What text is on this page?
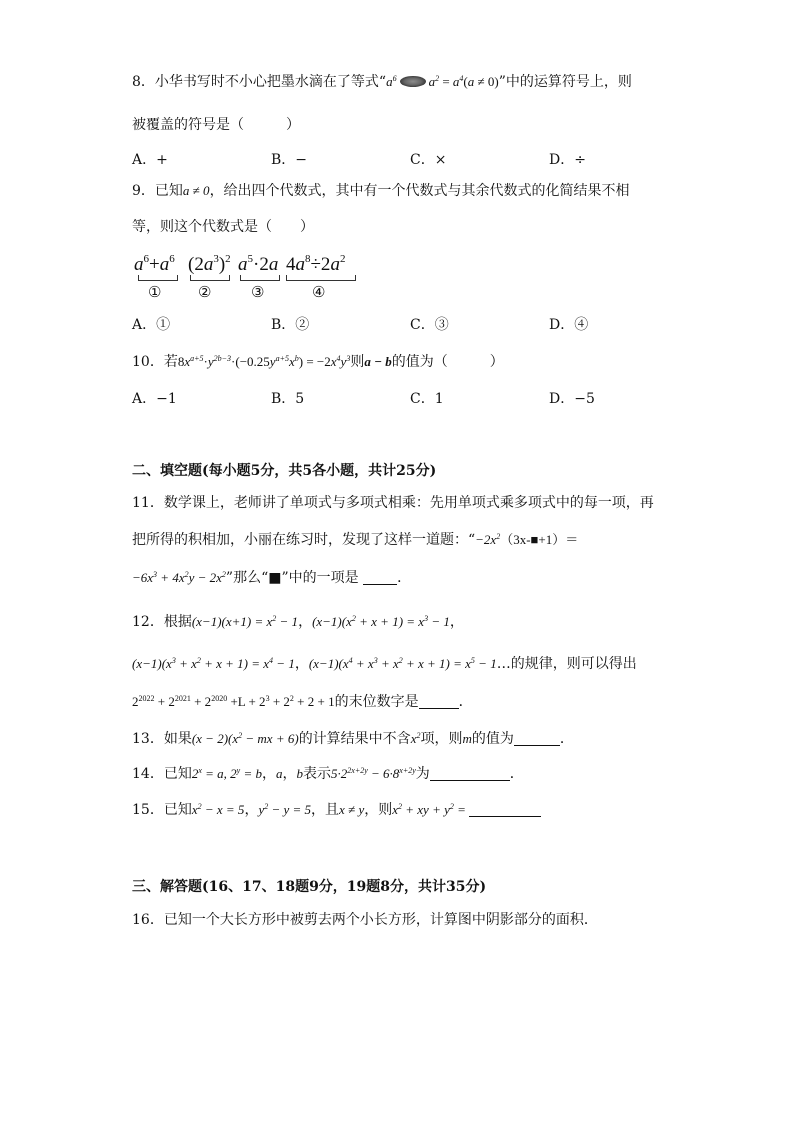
8．小华书写时不小心把墨水滴在了等式“$a^6$ $a^2 = a^4(a \ne 0)$”中的运算符号上，则
被覆盖的符号是（　　　）
A．+	B．−	C．×	D．÷
9．已知a ≠ 0，给出四个代数式，其中有一个代数式与其余代数式的化简结果不相
等，则这个代数式是（　　）
$a^6+a^6$
①
$(2a^3)^2$
②
$a^5\cdot 2a$
③
$4a^8\div 2a^2$
④
A．①	B．②	C．③	D．④
10．若$8x^{a+5}\cdot y^{2b-3}\cdot(-0.25y^{a+5}x^b) = -2x^4y^3$则a − b的值为（　　　）
A．−1	B．5	C．1	D．−5
二、填空题(每小题5分，共5各小题，共计25分)
11．数学课上，老师讲了单项式与多项式相乘：先用单项式乘多项式中的每一项，再
把所得的积相加，小丽在练习时，发现了这样一道题：“$-2x^2(3x-■+1)=$
$-6x^3 + 4x^2y - 2x^2$”那么“■”中的一项是	．
12．根据$(x-1)(x+1) = x^2 - 1$，$(x-1)(x^2 + x + 1) = x^3 - 1$，
$(x-1)(x^3 + x^2 + x + 1) = x^4 - 1$，$(x-1)(x^4 + x^3 + x^2 + x + 1) = x^5$ − 1…的规律，则可以得出
$2^{2022} + 2^{2021} + 2^{2020} +L + 2^3 + 2^2 + 2 + 1$的末位数字是	．
13．如果$(x - 2)(x^2$ − mx + 6)的计算结果中不含$x^2$项，则m的值为	．
14．已知$2^x = a$, $2^y = b$，a，b表示$5\cdot 2^{2x+2y} - 6\cdot 8^{x+2y}$为	．
15．已知$x^2 - x = 5$，$y^2 - y = 5$，且x ≠ y，则$x^2$ + xy + $y^2$ =
三、解答题(16、17、18题9分，19题8分，共计35分)
16．已知一个大长方形中被剪去两个小长方形，计算图中阴影部分的面积．
